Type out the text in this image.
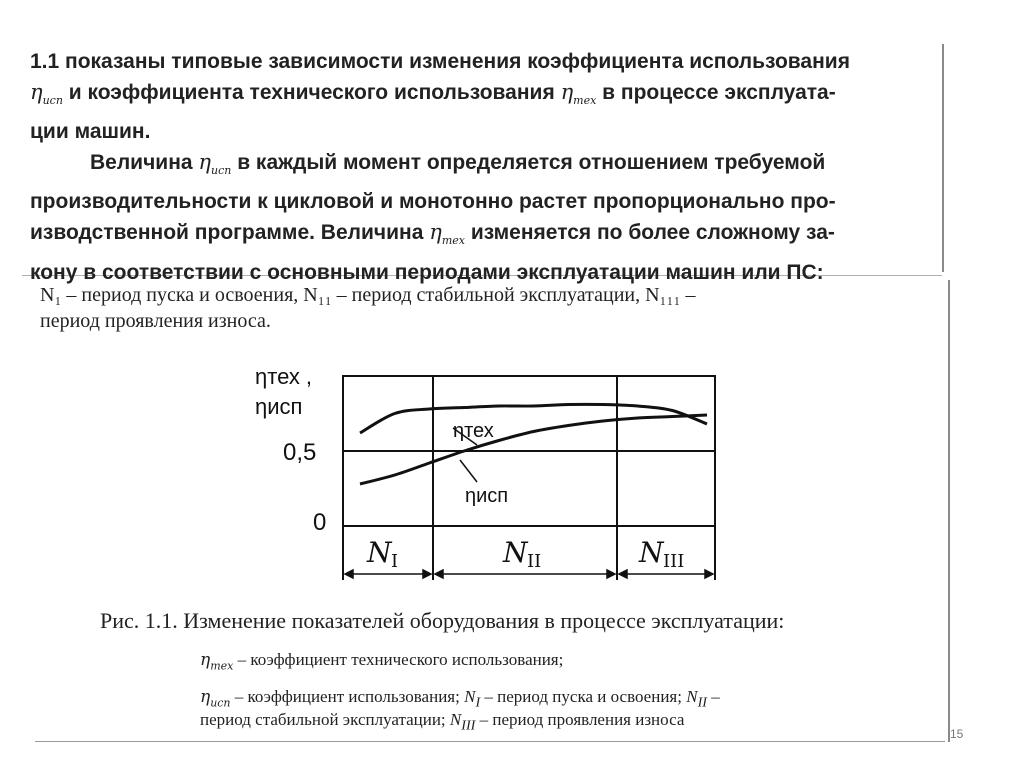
1.1 показаны типовые зависимости изменения коэффициента использования
$\eta_{исп}$ и коэффициента технического использования $\eta_{тех}$ в процессе эксплуатa-
ции машин.
Величина $\eta_{исп}$ в каждый момент определяется отношением требуемой
производительности к цикловой и монотонно растет пропорционально про-
изводственной программе. Величина $\eta_{тех}$ изменяется по более сложному за-
кону в соответствии с основными периодами эксплуатации машин или ПС:
N₁ – период пуска и освоения, N₁₁ – период стабильной эксплуатации, N₁₁₁ –
период проявления износа.
ηтех ,
ηисп
0,5
0
ηтех
ηисп
N I	N II	N III
Рис. 1.1. Изменение показателей оборудования в процессе эксплуатации:
$\eta_{тех}$ – коэффициент технического использования;
$\eta_{исп}$ – коэффициент использования; $N_I$ – период пуска и освоения; $N_{II}$ –
период стабильной эксплуатации; $N_{III}$ – период проявления износа
15
